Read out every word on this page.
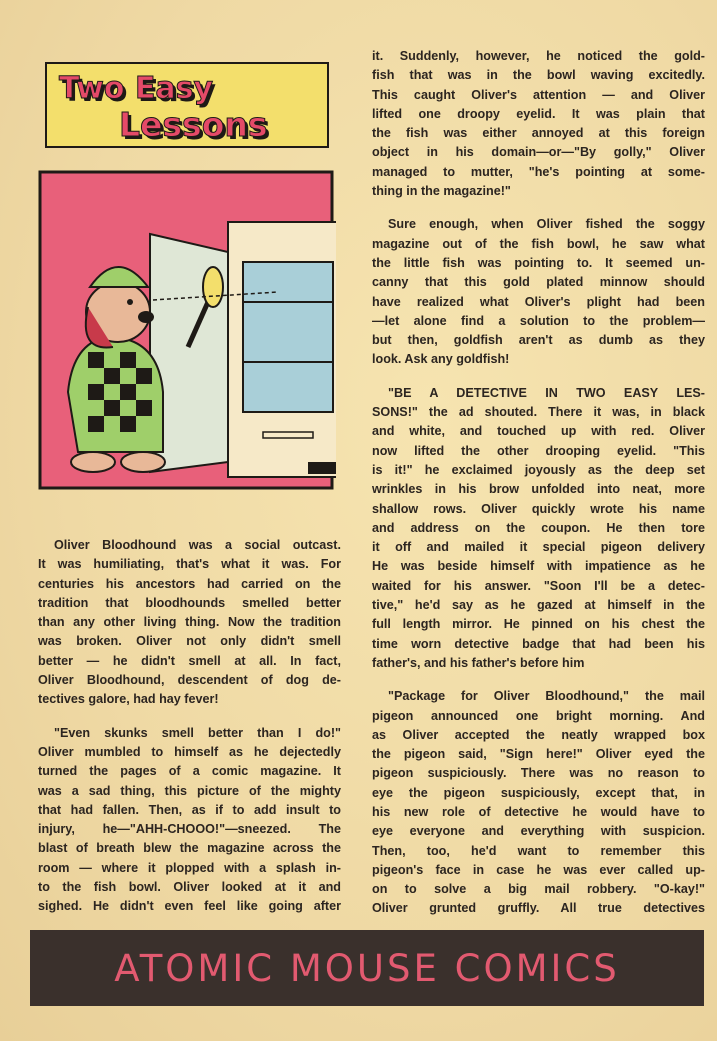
Two Easy
Lessons
Oliver Bloodhound was a social outcast.
It was humiliating, that's what it was. For
centuries his ancestors had carried on the
tradition that bloodhounds smelled better
than any other living thing. Now the tradition
was broken. Oliver not only didn't smell
better — he didn't smell at all. In fact,
Oliver Bloodhound, descendent of dog de-
tectives galore, had hay fever!
"Even skunks smell better than I do!"
Oliver mumbled to himself as he dejectedly
turned the pages of a comic magazine. It
was a sad thing, this picture of the mighty
that had fallen. Then, as if to add insult to
injury, he—"AHH-CHOOO!"—sneezed. The
blast of breath blew the magazine across the
room — where it plopped with a splash in-
to the fish bowl. Oliver looked at it and
sighed. He didn't even feel like going after
it. Suddenly, however, he noticed the gold-
fish that was in the bowl waving excitedly.
This caught Oliver's attention — and Oliver
lifted one droopy eyelid. It was plain that
the fish was either annoyed at this foreign
object in his domain—or—"By golly," Oliver
managed to mutter, "he's pointing at some-
thing in the magazine!"
Sure enough, when Oliver fished the soggy
magazine out of the fish bowl, he saw what
the little fish was pointing to. It seemed un-
canny that this gold plated minnow should
have realized what Oliver's plight had been
—let alone find a solution to the problem—
but then, goldfish aren't as dumb as they
look. Ask any goldfish!
"BE A DETECTIVE IN TWO EASY LES-
SONS!" the ad shouted. There it was, in black
and white, and touched up with red. Oliver
now lifted the other drooping eyelid. "This
is it!" he exclaimed joyously as the deep set
wrinkles in his brow unfolded into neat, more
shallow rows. Oliver quickly wrote his name
and address on the coupon. He then tore
it off and mailed it special pigeon delivery
He was beside himself with impatience as he
waited for his answer. "Soon I'll be a detec-
tive," he'd say as he gazed at himself in the
full length mirror. He pinned on his chest the
time worn detective badge that had been his
father's, and his father's before him
"Package for Oliver Bloodhound," the mail
pigeon announced one bright morning. And
as Oliver accepted the neatly wrapped box
the pigeon said, "Sign here!" Oliver eyed the
pigeon suspiciously. There was no reason to
eye the pigeon suspiciously, except that, in
his new role of detective he would have to
eye everyone and everything with suspicion.
Then, too, he'd want to remember this
pigeon's face in case he was ever called up-
on to solve a big mail robbery. "O-kay!"
Oliver grunted gruffly. All true detectives
ATOMIC MOUSE COMICS
